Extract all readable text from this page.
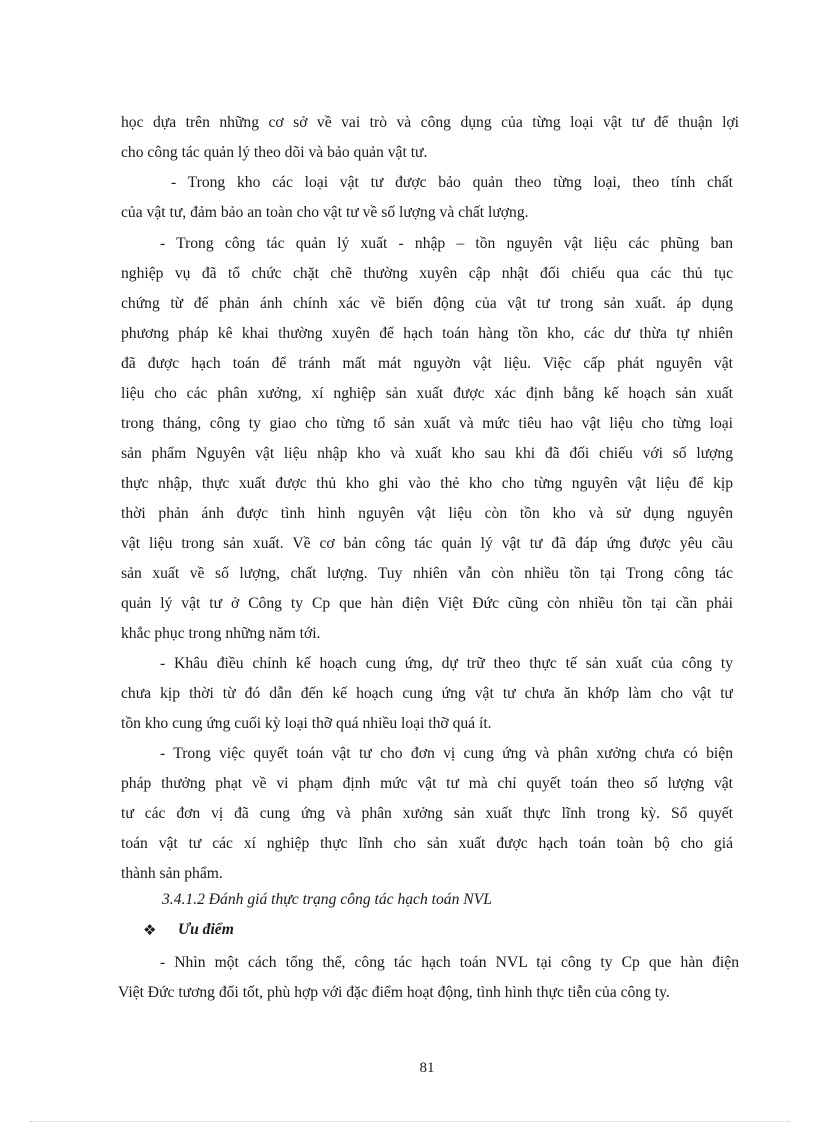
học dựa trên những cơ sở về vai trò và công dụng của từng loại vật tư để thuận lợi
cho công tác quản lý theo dõi và bảo quản vật tư.
- Trong kho các loại vật tư được bảo quản theo từng loại, theo tính chất
của vật tư, đảm bảo an toàn cho vật tư về số lượng và chất lượng.
- Trong công tác quản lý xuất - nhập – tồn nguyên vật liệu các phũng ban
nghiệp vụ đã tổ chức chặt chẽ thường xuyên cập nhật đối chiếu qua các thủ tục
chứng từ để phản ánh chính xác về biến động của vật tư trong sản xuất. áp dụng
phương pháp kê khai thường xuyên để hạch toán hàng tồn kho, các dư thừa tự nhiên
đã được hạch toán để tránh mất mát nguyờn vật liệu. Việc cấp phát nguyên vật
liệu cho các phân xưởng, xí nghiệp sản xuất được xác định bằng kế hoạch sản xuất
trong tháng, công ty giao cho từng tổ sản xuất và mức tiêu hao vật liệu cho từng loại
sản phẩm Nguyên vật liệu nhập kho và xuất kho sau khi đã đối chiếu với số lượng
thực nhập, thực xuất được thủ kho ghi vào thẻ kho cho từng nguyên vật liệu để kịp
thời phản ánh được tình hình nguyên vật liệu còn tồn kho và sử dụng nguyên
vật liệu trong sản xuất. Về cơ bản công tác quản lý vật tư đã đáp ứng được yêu cầu
sản xuất về số lượng, chất lượng. Tuy nhiên vẫn còn nhiều tồn tại Trong công tác
quản lý vật tư ở Công ty Cp que hàn điện Việt Đức cũng còn nhiều tồn tại cần phải
khắc phục trong những năm tới.
- Khâu điều chỉnh kế hoạch cung ứng, dự trữ theo thực tế sản xuất của công ty
chưa kịp thời từ đó dẫn đến kế hoạch cung ứng vật tư chưa ăn khớp làm cho vật tư
tồn kho cung ứng cuối kỳ loại thỡ quá nhiều loại thỡ quá ít.
- Trong việc quyết toán vật tư cho đơn vị cung ứng và phân xưởng chưa có biện
pháp thưởng phạt về vi phạm định mức vật tư mà chỉ quyết toán theo số lượng vật
tư các đơn vị đã cung ứng và phân xưởng sản xuất thực lĩnh trong kỳ. Sổ quyết
toán vật tư các xí nghiệp thực lĩnh cho sản xuất được hạch toán toàn bộ cho giá
thành sản phẩm.
3.4.1.2 Đánh giá thực trạng công tác hạch toán NVL
❖ Ưu điểm
- Nhìn một cách tổng thể, công tác hạch toán NVL tại công ty Cp que hàn điện
Việt Đức tương đối tốt, phù hợp với đặc điểm hoạt động, tình hình thực tiễn của công ty.
81
